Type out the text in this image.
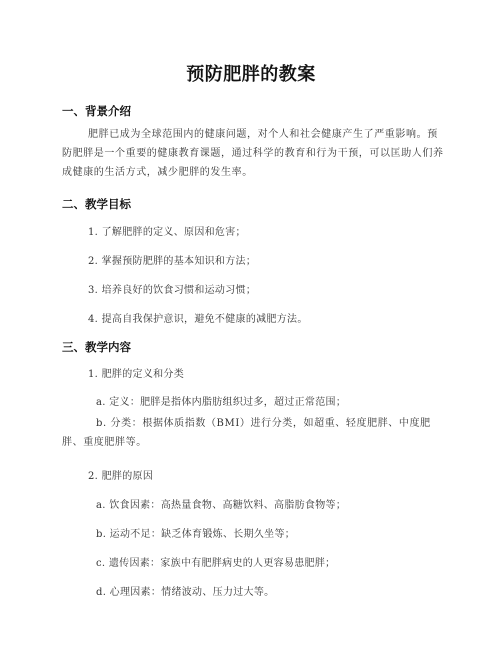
预防肥胖的教案
一、背景介绍
肥胖已成为全球范围内的健康问题，对个人和社会健康产生了严重影响。预防肥胖是一个重要的健康教育课题，通过科学的教育和行为干预，可以匡助人们养成健康的生活方式，减少肥胖的发生率。
二、教学目标
1. 了解肥胖的定义、原因和危害；
2. 掌握预防肥胖的基本知识和方法；
3. 培养良好的饮食习惯和运动习惯；
4. 提高自我保护意识，避免不健康的减肥方法。
三、教学内容
1. 肥胖的定义和分类
a. 定义：肥胖是指体内脂肪组织过多，超过正常范围；
b. 分类：根据体质指数（BMI）进行分类，如超重、轻度肥胖、中度肥胖、重度肥胖等。
2. 肥胖的原因
a. 饮食因素：高热量食物、高糖饮料、高脂肪食物等；
b. 运动不足：缺乏体育锻炼、长期久坐等；
c. 遗传因素：家族中有肥胖病史的人更容易患肥胖；
d. 心理因素：情绪波动、压力过大等。
